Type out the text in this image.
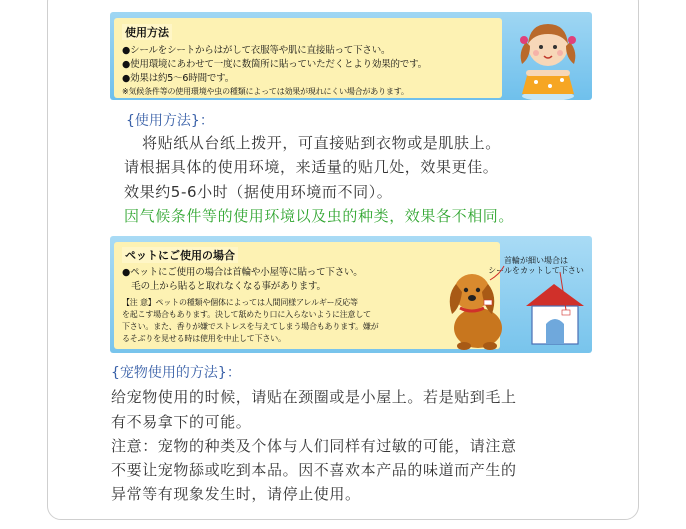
使用方法
●シールをシートからはがして衣服等や肌に直接貼って下さい。
●使用環境にあわせて一度に数箇所に貼っていただくとより効果的です。
●効果は約5～6時間です。
※気候条件等の使用環境や虫の種類によっては効果が現れにくい場合があります。
{使用方法}：
将贴纸从台纸上拨开，可直接贴到衣物或是肌肤上。
请根据具体的使用环境，来适量的贴几处，效果更佳。
效果约5-6小时（据使用环境而不同）。
因气候条件等的使用环境以及虫的种类，效果各不相同。
ペットにご使用の場合
●ペットにご使用の場合は首輪や小屋等に貼って下さい。
　毛の上から貼ると取れなくなる事があります。
【注 意】ペットの種類や個体によっては人間同様アレルギー反応等
を起こす場合もあります。決して舐めたり口に入らないように注意して
下さい。また、香りが嫌でストレスを与えてしまう場合もあります。嫌が
るそぶりを見せる時は使用を中止して下さい。
首輪が細い場合は
シールをカットして下さい
{宠物使用的方法}：
给宠物使用的时候，请贴在颈圈或是小屋上。若是贴到毛上
有不易拿下的可能。
注意：宠物的种类及个体与人们同样有过敏的可能，请注意
不要让宠物舔或吃到本品。因不喜欢本产品的味道而产生的
异常等有现象发生时，请停止使用。
